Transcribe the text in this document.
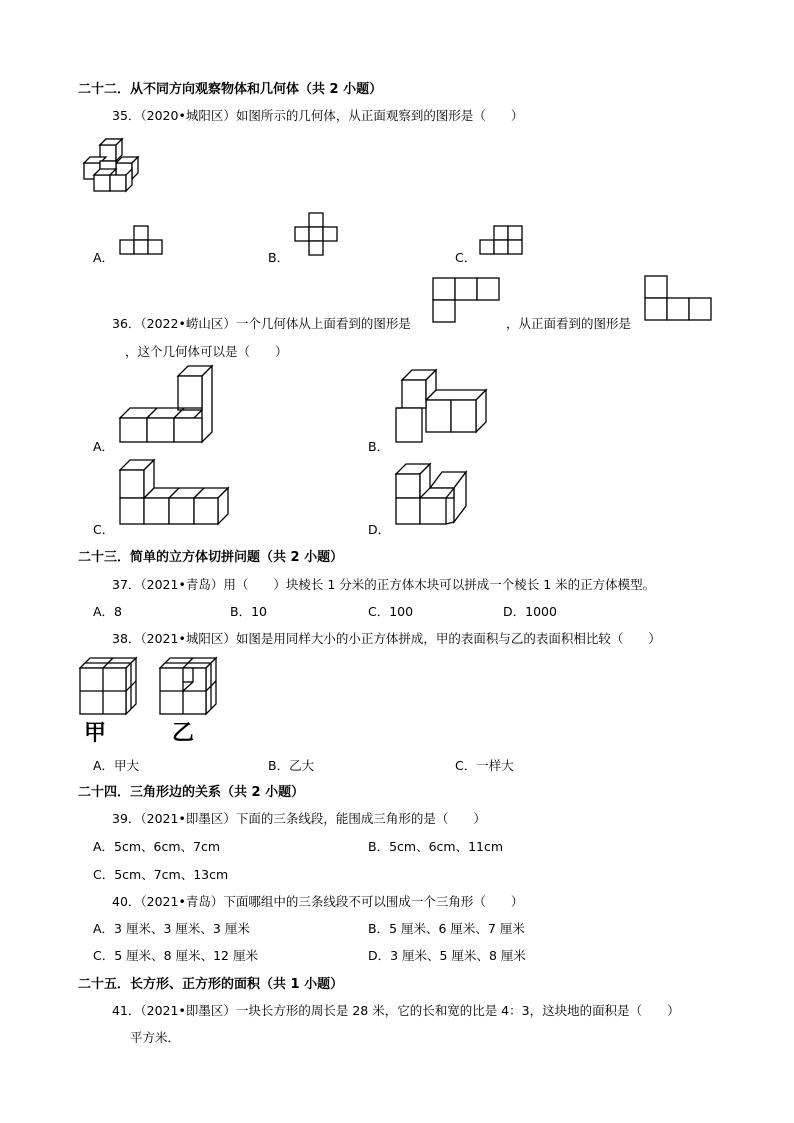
二十二．从不同方向观察物体和几何体（共 2 小题）
35．（2020•城阳区）如图所示的几何体，从正面观察到的图形是（　　）
A．	B．	C．
36．（2022•崂山区）一个几何体从上面看到的图形是	，从正面看到的图形是
，这个几何体可以是（　　）
A．	B．
C．	D．
二十三．简单的立方体切拼问题（共 2 小题）
37．（2021•青岛）用（　　）块棱长 1 分米的正方体木块可以拼成一个棱长 1 米的正方体模型。
A．8	B．10	C．100	D．1000
38．（2021•城阳区）如图是用同样大小的小正方体拼成，甲的表面积与乙的表面积相比较（　　）
甲	乙
A．甲大	B．乙大	C．一样大
二十四．三角形边的关系（共 2 小题）
39．（2021•即墨区）下面的三条线段，能围成三角形的是（　　）
A．5cm、6cm、7cm	B．5cm、6cm、11cm
C．5cm、7cm、13cm
40．（2021•青岛）下面哪组中的三条线段不可以围成一个三角形（　　）
A．3 厘米、3 厘米、3 厘米	B．5 厘米、6 厘米、7 厘米
C．5 厘米、8 厘米、12 厘米	D．3 厘米、5 厘米、8 厘米
二十五．长方形、正方形的面积（共 1 小题）
41．（2021•即墨区）一块长方形的周长是 28 米，它的长和宽的比是 4：3，这块地的面积是（　　）
平方米．
